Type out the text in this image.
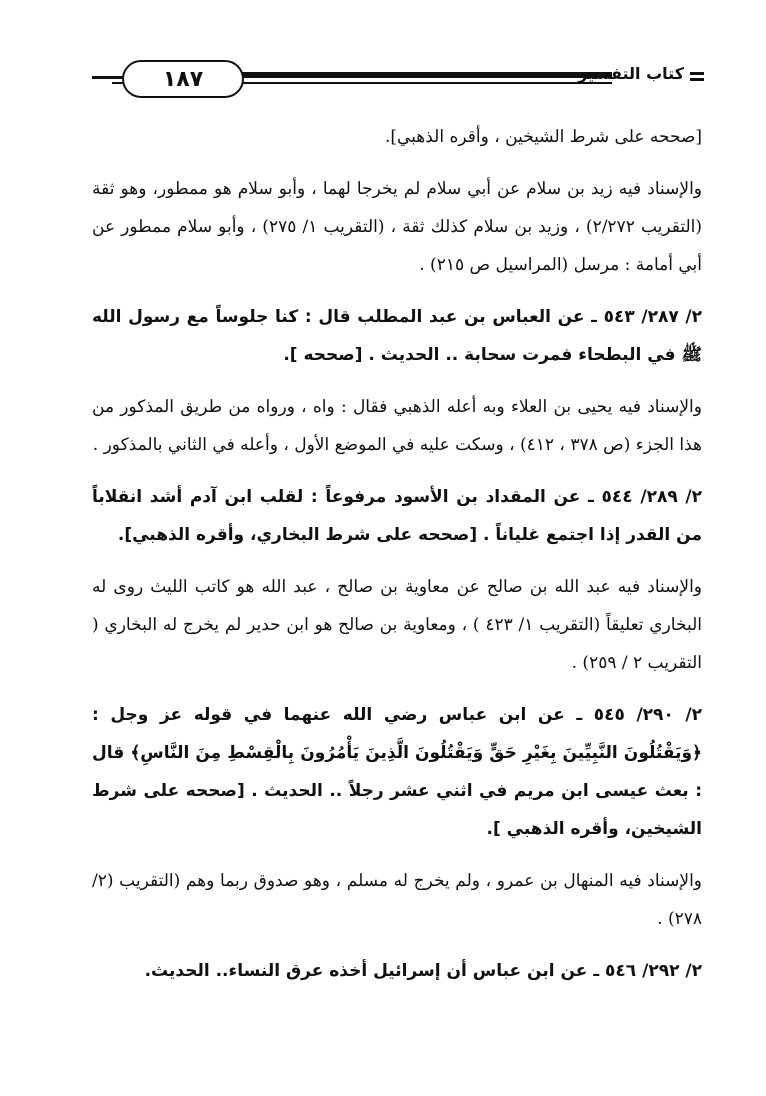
١٨٧	كتاب التفسير

[صححه على شرط الشيخين ، وأقره الذهبي].

والإسناد فيه زيد بن سلام عن أبي سلام لم يخرجا لهما ، وأبو سلام هو ممطور، وهو ثقة (التقريب ٢/٢٧٢) ، وزيد بن سلام كذلك ثقة ، (التقريب ١/ ٢٧٥) ، وأبو سلام ممطور عن أبي أمامة : مرسل (المراسيل ص ٢١٥) .

٢/ ٢٨٧/ ٥٤٣ ـ عن العباس بن عبد المطلب قال : كنا جلوساً مع رسول الله ﷺ في البطحاء فمرت سحابة .. الحديث . [صححه ].

والإسناد فيه يحيى بن العلاء وبه أعله الذهبي فقال : واه ، ورواه من طريق المذكور من هذا الجزء (ص ٣٧٨ ، ٤١٢) ، وسكت عليه في الموضع الأول ، وأعله في الثاني بالمذكور .

٢/ ٢٨٩/ ٥٤٤ ـ عن المقداد بن الأسود مرفوعاً : لقلب ابن آدم أشد انقلاباً من القدر إذا اجتمع غلياناً . [صححه على شرط البخاري، وأقره الذهبي].

والإسناد فيه عبد الله بن صالح عن معاوية بن صالح ، عبد الله هو كاتب الليث روى له البخاري تعليقاً (التقريب ١/ ٤٢٣ ) ، ومعاوية بن صالح هو ابن حدير لم يخرج له البخاري ( التقريب ٢ / ٢٥٩) .

٢/ ٢٩٠/ ٥٤٥ ـ عن ابن عباس رضي الله عنهما في قوله عز وجل : ﴿وَيَقْتُلُونَ النَّبِيِّينَ بِغَيْرِ حَقٍّ وَيَقْتُلُونَ الَّذِينَ يَأْمُرُونَ بِالْقِسْطِ مِنَ النَّاسِ﴾ قال : بعث عيسى ابن مريم في اثني عشر رجلاً .. الحديث . [صححه على شرط الشيخين، وأقره الذهبي ].

والإسناد فيه المنهال بن عمرو ، ولم يخرج له مسلم ، وهو صدوق ربما وهم (التقريب (٢/ ٢٧٨) .

٢/ ٢٩٢/ ٥٤٦ ـ عن ابن عباس أن إسرائيل أخذه عرق النساء.. الحديث.
